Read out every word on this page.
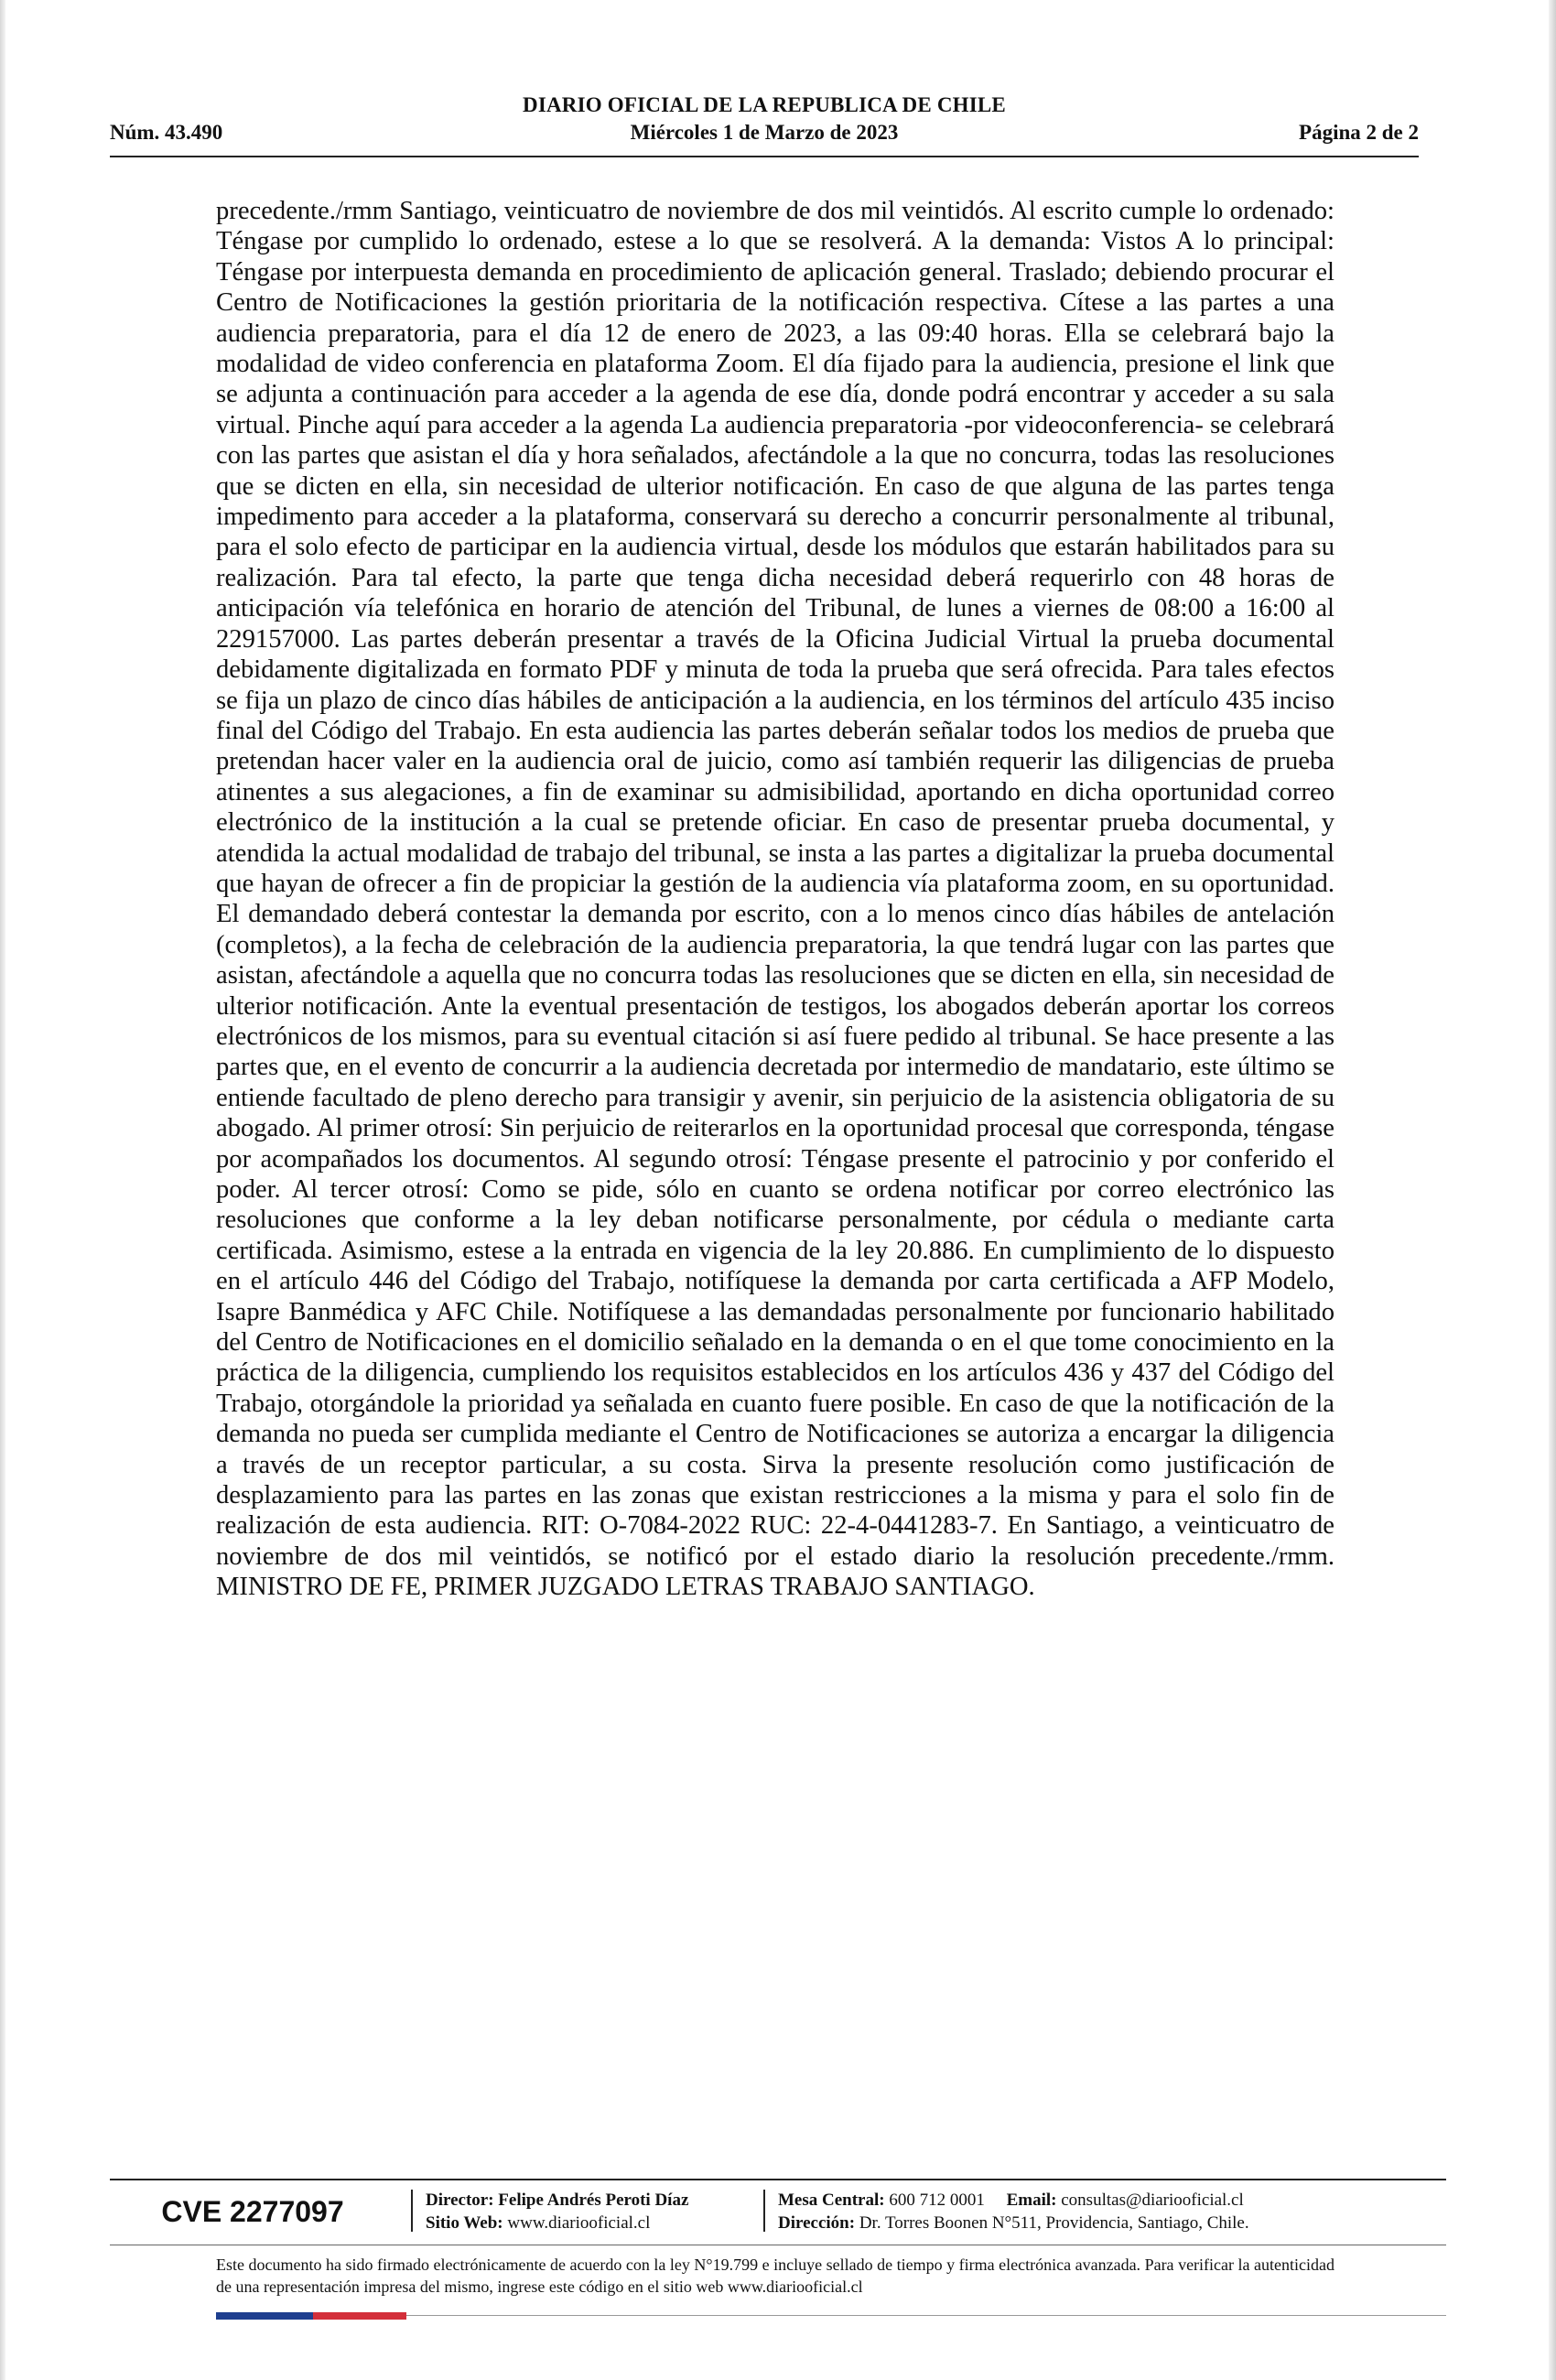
DIARIO OFICIAL DE LA REPUBLICA DE CHILE
Núm. 43.490	Miércoles 1 de Marzo de 2023	Página 2 de 2
precedente./rmm Santiago, veinticuatro de noviembre de dos mil veintidós. Al escrito cumple lo ordenado: Téngase por cumplido lo ordenado, estese a lo que se resolverá. A la demanda: Vistos A lo principal: Téngase por interpuesta demanda en procedimiento de aplicación general. Traslado; debiendo procurar el Centro de Notificaciones la gestión prioritaria de la notificación respectiva. Cítese a las partes a una audiencia preparatoria, para el día 12 de enero de 2023, a las 09:40 horas. Ella se celebrará bajo la modalidad de video conferencia en plataforma Zoom. El día fijado para la audiencia, presione el link que se adjunta a continuación para acceder a la agenda de ese día, donde podrá encontrar y acceder a su sala virtual. Pinche aquí para acceder a la agenda La audiencia preparatoria -por videoconferencia- se celebrará con las partes que asistan el día y hora señalados, afectándole a la que no concurra, todas las resoluciones que se dicten en ella, sin necesidad de ulterior notificación. En caso de que alguna de las partes tenga impedimento para acceder a la plataforma, conservará su derecho a concurrir personalmente al tribunal, para el solo efecto de participar en la audiencia virtual, desde los módulos que estarán habilitados para su realización. Para tal efecto, la parte que tenga dicha necesidad deberá requerirlo con 48 horas de anticipación vía telefónica en horario de atención del Tribunal, de lunes a viernes de 08:00 a 16:00 al 229157000. Las partes deberán presentar a través de la Oficina Judicial Virtual la prueba documental debidamente digitalizada en formato PDF y minuta de toda la prueba que será ofrecida. Para tales efectos se fija un plazo de cinco días hábiles de anticipación a la audiencia, en los términos del artículo 435 inciso final del Código del Trabajo. En esta audiencia las partes deberán señalar todos los medios de prueba que pretendan hacer valer en la audiencia oral de juicio, como así también requerir las diligencias de prueba atinentes a sus alegaciones, a fin de examinar su admisibilidad, aportando en dicha oportunidad correo electrónico de la institución a la cual se pretende oficiar. En caso de presentar prueba documental, y atendida la actual modalidad de trabajo del tribunal, se insta a las partes a digitalizar la prueba documental que hayan de ofrecer a fin de propiciar la gestión de la audiencia vía plataforma zoom, en su oportunidad. El demandado deberá contestar la demanda por escrito, con a lo menos cinco días hábiles de antelación (completos), a la fecha de celebración de la audiencia preparatoria, la que tendrá lugar con las partes que asistan, afectándole a aquella que no concurra todas las resoluciones que se dicten en ella, sin necesidad de ulterior notificación. Ante la eventual presentación de testigos, los abogados deberán aportar los correos electrónicos de los mismos, para su eventual citación si así fuere pedido al tribunal. Se hace presente a las partes que, en el evento de concurrir a la audiencia decretada por intermedio de mandatario, este último se entiende facultado de pleno derecho para transigir y avenir, sin perjuicio de la asistencia obligatoria de su abogado. Al primer otrosí: Sin perjuicio de reiterarlos en la oportunidad procesal que corresponda, téngase por acompañados los documentos. Al segundo otrosí: Téngase presente el patrocinio y por conferido el poder. Al tercer otrosí: Como se pide, sólo en cuanto se ordena notificar por correo electrónico las resoluciones que conforme a la ley deban notificarse personalmente, por cédula o mediante carta certificada. Asimismo, estese a la entrada en vigencia de la ley 20.886. En cumplimiento de lo dispuesto en el artículo 446 del Código del Trabajo, notifíquese la demanda por carta certificada a AFP Modelo, Isapre Banmédica y AFC Chile. Notifíquese a las demandadas personalmente por funcionario habilitado del Centro de Notificaciones en el domicilio señalado en la demanda o en el que tome conocimiento en la práctica de la diligencia, cumpliendo los requisitos establecidos en los artículos 436 y 437 del Código del Trabajo, otorgándole la prioridad ya señalada en cuanto fuere posible. En caso de que la notificación de la demanda no pueda ser cumplida mediante el Centro de Notificaciones se autoriza a encargar la diligencia a través de un receptor particular, a su costa. Sirva la presente resolución como justificación de desplazamiento para las partes en las zonas que existan restricciones a la misma y para el solo fin de realización de esta audiencia. RIT: O-7084-2022 RUC: 22-4-0441283-7. En Santiago, a veinticuatro de noviembre de dos mil veintidós, se notificó por el estado diario la resolución precedente./rmm. MINISTRO DE FE, PRIMER JUZGADO LETRAS TRABAJO SANTIAGO.
CVE 2277097	Director: Felipe Andrés Peroti Díaz
Sitio Web: www.diariooficial.cl
Mesa Central: 600 712 0001 Email: consultas@diariooficial.cl
Dirección: Dr. Torres Boonen N°511, Providencia, Santiago, Chile.
Este documento ha sido firmado electrónicamente de acuerdo con la ley N°19.799 e incluye sellado de tiempo y firma electrónica avanzada. Para verificar la autenticidad de una representación impresa del mismo, ingrese este código en el sitio web www.diariooficial.cl
